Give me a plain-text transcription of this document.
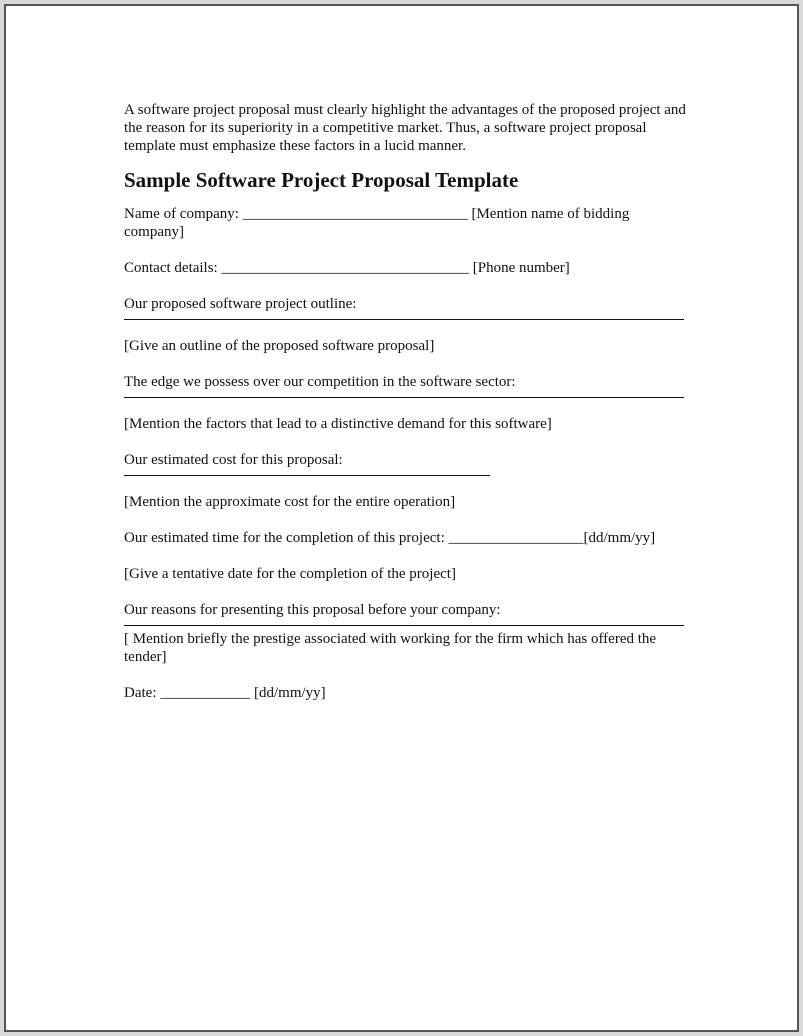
A software project proposal must clearly highlight the advantages of the proposed project and the reason for its superiority in a competitive market. Thus, a software project proposal template must emphasize these factors in a lucid manner.

Sample Software Project Proposal Template
Name of company: ______________________________ [Mention name of bidding company]
Contact details: _________________________________ [Phone number]
Our proposed software project outline:
[Give an outline of the proposed software proposal]
The edge we possess over our competition in the software sector:
[Mention the factors that lead to a distinctive demand for this software]
Our estimated cost for this proposal:
[Mention the approximate cost for the entire operation]
Our estimated time for the completion of this project: __________________[dd/mm/yy]
[Give a tentative date for the completion of the project]
Our reasons for presenting this proposal before your company:
[ Mention briefly the prestige associated with working for the firm which has offered the tender]
Date: ____________ [dd/mm/yy]
